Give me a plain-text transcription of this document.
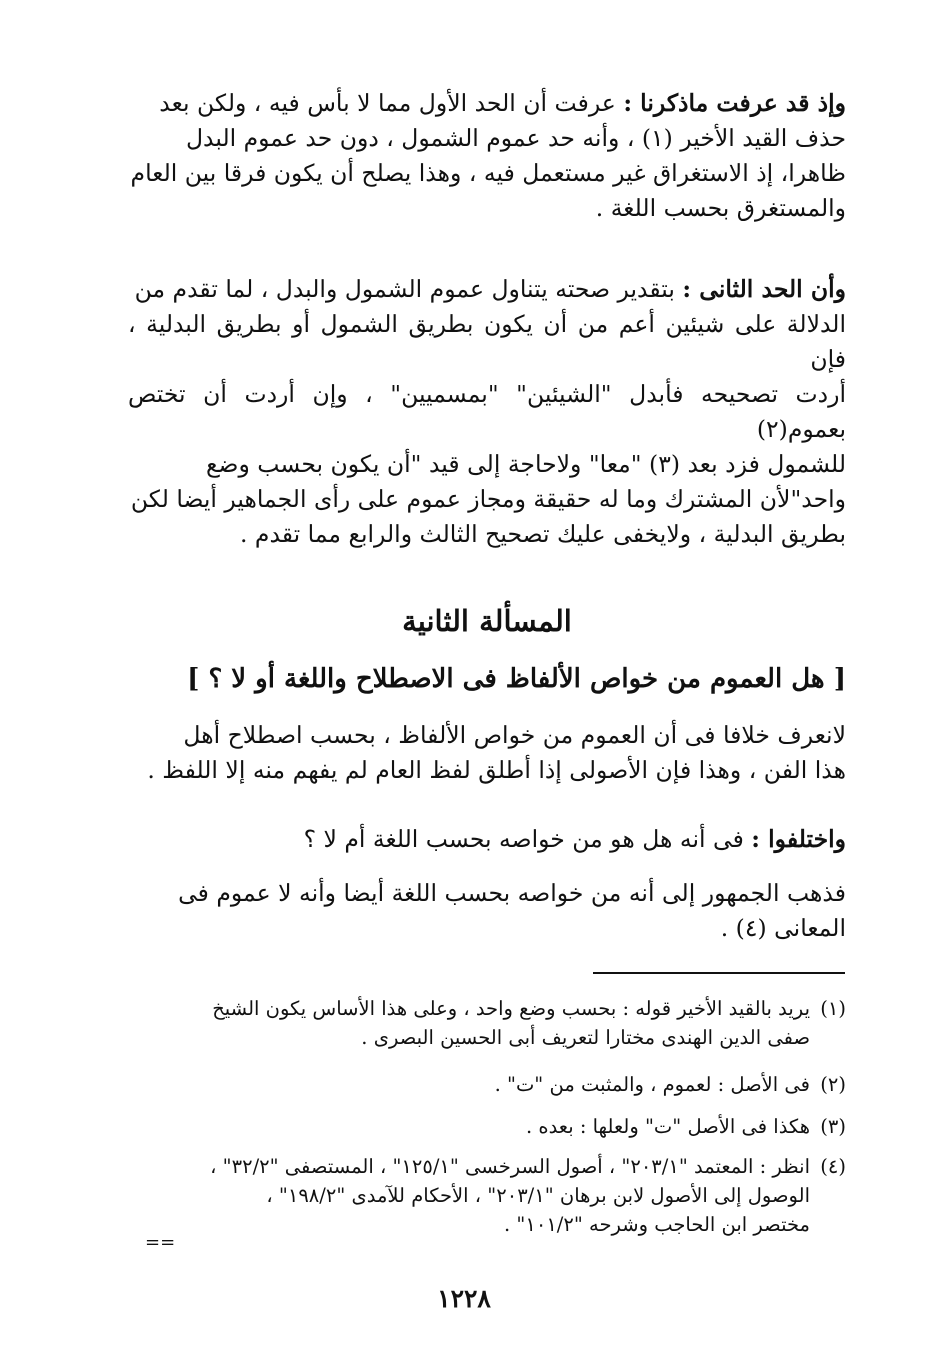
وإذ قد عرفت ماذكرنا : عرفت أن الحد الأول مما لا بأس فيه ، ولكن بعد

حذف القيد الأخير (١) ، وأنه حد عموم الشمول ، دون حد عموم البدل

ظاهرا، إذ الاستغراق غير مستعمل فيه ، وهذا يصلح أن يكون فرقا بين العام

والمستغرق بحسب اللغة .

وأن الحد الثانى : بتقدير صحته يتناول عموم الشمول والبدل ، لما تقدم من

الدلالة على شيئين أعم من أن يكون بطريق الشمول أو بطريق البدلية ، فإن

أردت تصحيحه فأبدل "الشيئين" "بمسميين" ، وإن أردت أن تختص بعموم(٢)

للشمول فزد بعد (٣) "معا" ولاحاجة إلى قيد "أن يكون بحسب وضع

واحد"لأن المشترك وما له حقيقة ومجاز عموم على رأى الجماهير أيضا لكن

بطريق البدلية ، ولايخفى عليك تصحيح الثالث والرابع مما تقدم .

المسألة الثانية
[ هل العموم من خواص الألفاظ فى الاصطلاح واللغة أو لا ؟ ]

لانعرف خلافا فى أن العموم من خواص الألفاظ ، بحسب اصطلاح أهل

هذا الفن ، وهذا فإن الأصولى إذا أطلق لفظ العام لم يفهم منه إلا اللفظ .

واختلفوا : فى أنه هل هو من خواصه بحسب اللغة أم لا ؟

فذهب الجمهور إلى أنه من خواصه بحسب اللغة أيضا وأنه لا عموم فى

المعانى (٤) .

(١)يريد بالقيد الأخير قوله : بحسب وضع واحد ، وعلى هذا الأساس يكون الشيخ
صفى الدين الهندى مختارا لتعريف أبى الحسين البصرى .
(٢)فى الأصل : لعموم ، والمثبت من "ت" .
(٣)هكذا فى الأصل "ت" ولعلها : بعده .
(٤)انظر : المعتمد "٢٠٣/١" ، أصول السرخسى "١٢٥/١" ، المستصفى "٣٢/٢" ،
الوصول إلى الأصول لابن برهان "٢٠٣/١" ، الأحكام للآمدى "١٩٨/٢" ،
مختصر ابن الحاجب وشرحه "١٠١/٢" .
==
١٢٢٨
